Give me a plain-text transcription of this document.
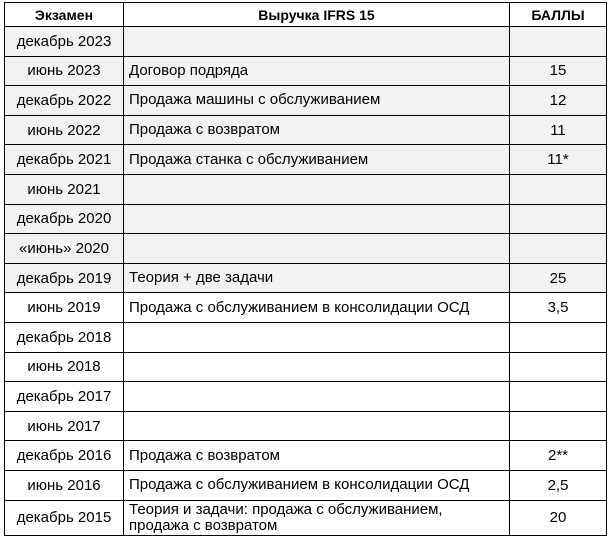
Экзамен	Выручка IFRS 15	БАЛЛЫ
декабрь 2023		
июнь 2023	Договор подряда	15
декабрь 2022	Продажа машины с обслуживанием	12
июнь 2022	Продажа с возвратом	11
декабрь 2021	Продажа станка с обслуживанием	11*
июнь 2021		
декабрь 2020		
«июнь» 2020		
декабрь 2019	Теория + две задачи	25
июнь 2019	Продажа с обслуживанием в консолидации ОСД	3,5
декабрь 2018		
июнь 2018		
декабрь 2017		
июнь 2017		
декабрь 2016	Продажа с возвратом	2**
июнь 2016	Продажа с обслуживанием в консолидации ОСД	2,5
декабрь 2015	Теория и задачи: продажа с обслуживанием, продажа с возвратом	20
